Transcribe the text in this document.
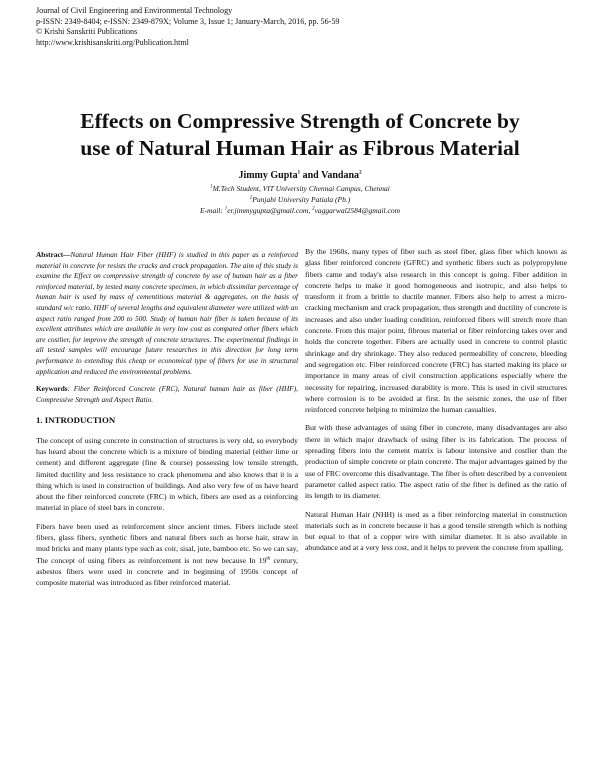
Journal of Civil Engineering and Environmental Technology
p-ISSN: 2349-8404; e-ISSN: 2349-879X; Volume 3, Issue 1; January-March, 2016, pp. 56-59
© Krishi Sanskriti Publications
http://www.krishisanskriti.org/Publication.html
Effects on Compressive Strength of Concrete by
use of Natural Human Hair as Fibrous Material
Jimmy Gupta$^1$ and Vandana$^2$
$^1$M.Tech Student, VIT University Chennai Campus, Chennai
$^2$Punjabi University Patiala (Pb.)
E-mail: $^1$er.jimmygupta@gmail.com, $^2$vaggarwal2584@gmail.com

Abstract—Natural Human Hair Fiber (HHF) is studied in this paper as a reinforced material in concrete for resists the cracks and crack propagation. The aim of this study is examine the Effect on compressive strength of concrete by use of human hair as a fiber reinforced material, by tested many concrete specimen, in which dissimilar percentage of human hair is used by mass of cementitious material & aggregates, on the basis of standard w/c ratio. HHF of several lengths and equivalent diameter were utilized with an aspect ratio ranged from 200 to 500. Study of human hair fiber is taken because of its excellent attributes which are available in very low cost as compared other fibers which are costlier, for improve the strength of concrete structures. The experimental findings in all tested samples will encourage future researches in this direction for long term performance to extending this cheap or economical type of fibers for use in structural application and reduced the environmental problems.

Keywords: Fiber Reinforced Concrete (FRC), Natural human hair as fiber (HHF), Compressive Strength and Aspect Ratio.

1. INTRODUCTION

The concept of using concrete in construction of structures is very old, so everybody has heard about the concrete which is a mixture of binding material (either lime or cement) and different aggregate (fine & course) possessing low tensile strength, limited ductility and less resistance to crack phenomena and also knows that it is a thing which is used in construction of buildings. And also very few of us have heard about the fiber reinforced concrete (FRC) in which, fibers are used as a reinforcing material in place of steel bars in concrete.

Fibers have been used as reinforcement since ancient times. Fibers include steel fibers, glass fibers, synthetic fibers and natural fibers such as horse hair, straw in mud bricks and many plants type such as coir, sisal, jute, bamboo etc. So we can say, The concept of using fibers as reinforcement is not new because In 19th century, asbestos fibers were used in concrete and in beginning of 1950s concept of composite material was introduced as fiber reinforced material.

By the 1960s, many types of fiber such as steel fiber, glass fiber which known as glass fiber reinforced concrete (GFRC) and synthetic fibers such as polypropylene fibers came and today's also research in this concept is going. Fiber addition in concrete helps to make it good homogeneous and isotropic, and also helps to transform it from a brittle to ductile manner. Fibers also help to arrest a micro-cracking mechanism and crack propagation, thus strength and ductility of concrete is increases and also under loading condition, reinforced fibers will stretch more than concrete. From this major point, fibrous material or fiber reinforcing takes over and holds the concrete together. Fibers are actually used in concrete to control plastic shrinkage and dry shrinkage. They also reduced permeability of concrete, bleeding and segregation etc. Fiber reinforced concrete (FRC) has started making its place or importance in many areas of civil construction applications especially where the necessity for repairing, increased durability is more. This is used in civil structures where corrosion is to be avoided at first. In the seismic zones, the use of fiber reinforced concrete helping to minimize the human casualties.

But with these advantages of using fiber in concrete, many disadvantages are also there in which major drawback of using fiber is its fabrication. The process of spreading fibers into the cement matrix is labour intensive and costlier than the production of simple concrete or plain concrete. The major advantages gained by the use of FRC overcome this disadvantage. The fiber is often described by a convenient parameter called aspect ratio. The aspect ratio of the fiber is defined as the ratio of its length to its diameter.

Natural Human Hair (NHH) is used as a fiber reinforcing material in construction materials such as in concrete because it has a good tensile strength which is nothing but equal to that of a copper wire with similar diameter. It is also available in abundance and at a very less cost, and it helps to prevent the concrete from spalling.
